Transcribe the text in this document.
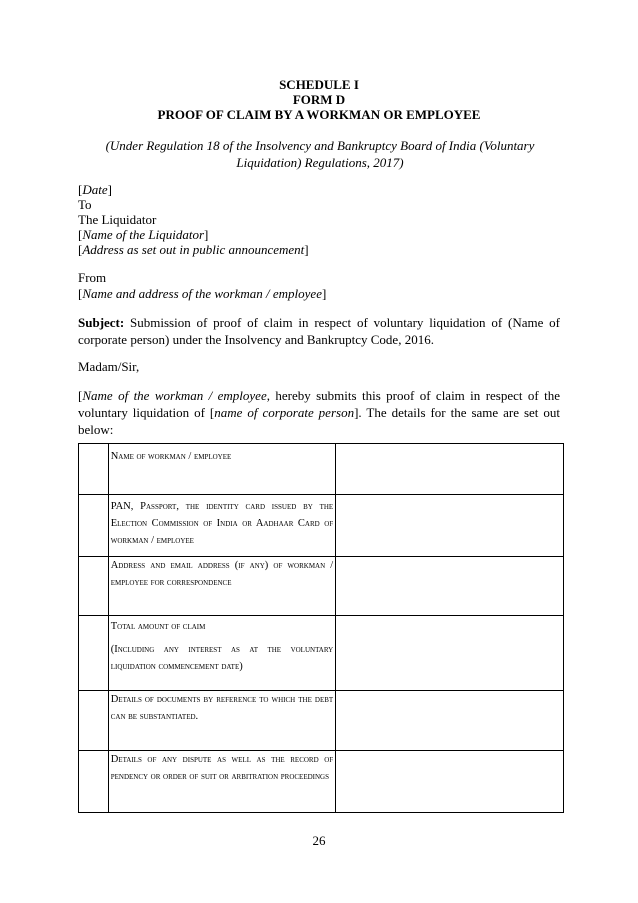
SCHEDULE I
FORM D
PROOF OF CLAIM BY A WORKMAN OR EMPLOYEE
(Under Regulation 18 of the Insolvency and Bankruptcy Board of India (Voluntary Liquidation) Regulations, 2017)
[Date]
To
The Liquidator
[Name of the Liquidator]
[Address as set out in public announcement]
From
[Name and address of the workman / employee]
Subject: Submission of proof of claim in respect of voluntary liquidation of (Name of corporate person) under the Insolvency and Bankruptcy Code, 2016.
Madam/Sir,
[Name of the workman / employee, hereby submits this proof of claim in respect of the voluntary liquidation of [name of corporate person]. The details for the same are set out below:

	Name of workman / employee	

	PAN, Passport, the identity card issued by the Election Commission of India or Aadhaar Card of workman / employee	

	Address and email address (if any) of workman / employee for correspondence	

	Total amount of claim
(Including any interest as at the voluntary liquidation commencement date)	

	Details of documents by reference to which the debt can be substantiated.	

	Details of any dispute as well as the record of pendency or order of suit or arbitration proceedings	

26
